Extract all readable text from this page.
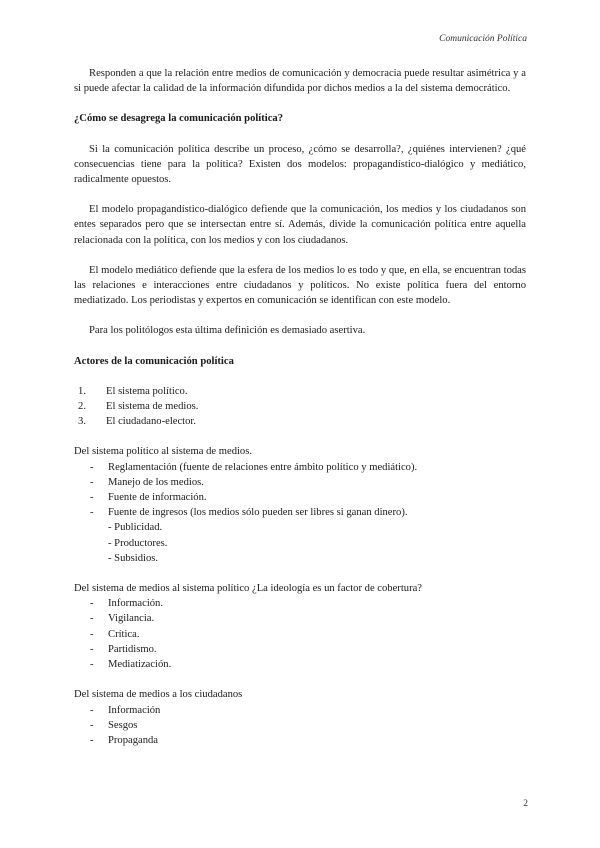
Comunicación Política

Responden a que la relación entre medios de comunicación y democracia puede resultar asimétrica y a si puede afectar la calidad de la información difundida por dichos medios a la del sistema democrático.

¿Cómo se desagrega la comunicación política?

Si la comunicación política describe un proceso, ¿cómo se desarrolla?, ¿quiénes intervienen? ¿qué consecuencias tiene para la política? Existen dos modelos: propagandístico-dialógico y mediático, radicalmente opuestos.

El modelo propagandístico-dialógico defiende que la comunicación, los medios y los ciudadanos son entes separados pero que se intersectan entre sí. Además, divide la comunicación política entre aquella relacionada con la política, con los medios y con los ciudadanos.

El modelo mediático defiende que la esfera de los medios lo es todo y que, en ella, se encuentran todas las relaciones e interacciones entre ciudadanos y políticos. No existe política fuera del entorno mediatizado. Los periodistas y expertos en comunicación se identifican con este modelo.

Para los politólogos esta última definición es demasiado asertiva.

Actores de la comunicación política
1. El sistema político.
2. El sistema de medios.
3. El ciudadano-elector.

Del sistema político al sistema de medios.

- Reglamentación (fuente de relaciones entre ámbito político y mediático).
- Manejo de los medios.
- Fuente de información.
- Fuente de ingresos (los medios sólo pueden ser libres si ganan dinero).
- Publicidad.
- Productores.
- Subsidios.

Del sistema de medios al sistema político ¿La ideología es un factor de cobertura?

- Información.
- Vigilancia.
- Crítica.
- Partidismo.
- Mediatización.

Del sistema de medios a los ciudadanos

- Información
- Sesgos
- Propaganda
2
